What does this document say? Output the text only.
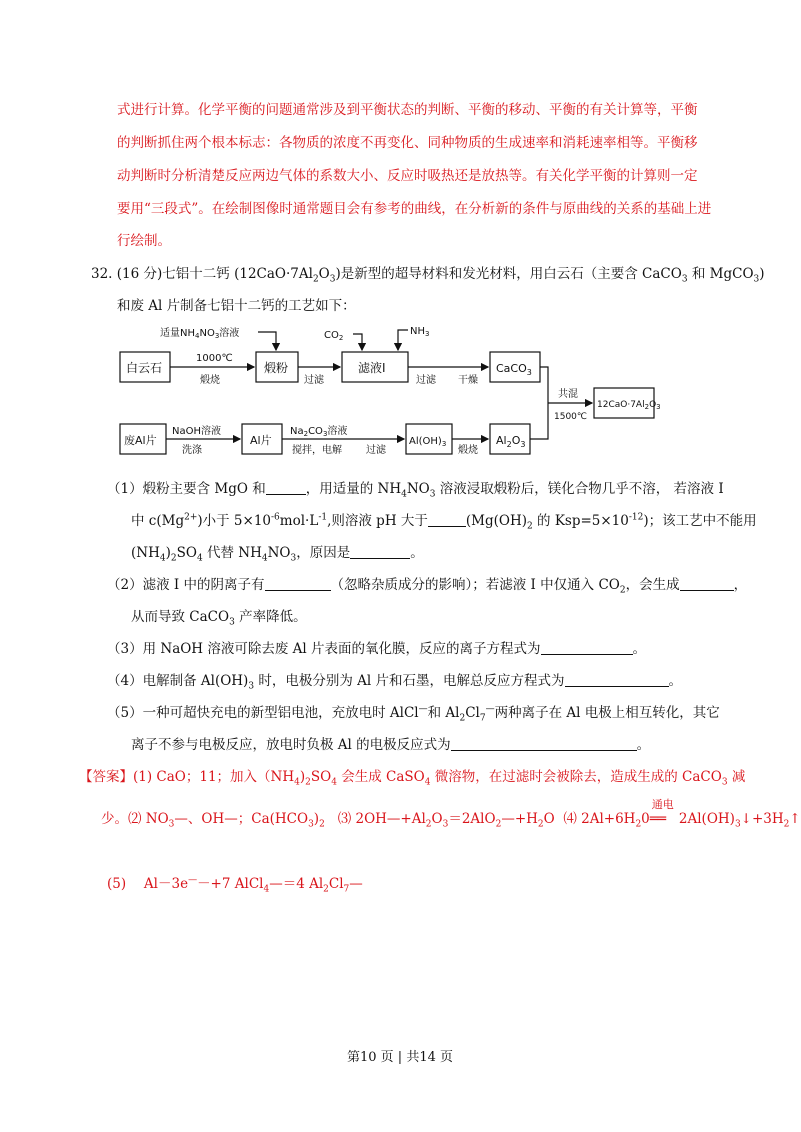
式进行计算。化学平衡的问题通常涉及到平衡状态的判断、平衡的移动、平衡的有关计算等，平衡
的判断抓住两个根本标志：各物质的浓度不再变化、同种物质的生成速率和消耗速率相等。平衡移
动判断时分析清楚反应两边气体的系数大小、反应时吸热还是放热等。有关化学平衡的计算则一定
要用“三段式”。在绘制图像时通常题目会有参考的曲线，在分析新的条件与原曲线的关系的基础上进
行绘制。
32. (16 分)七铝十二钙 $(12CaO\cdot 7Al_2O_3)$是新型的超导材料和发光材料，用白云石（主要含 CaCO$_3$ 和 MgCO$_3$)
和废 Al 片制备七铝十二钙的工艺如下：
白云石	煅粉	滤液I	CaCO$_3$
$12CaO\cdot 7Al_2O_3$
废Al片	Al片	$Al(OH)_3$	$Al_2O_3$
1000℃
煅烧
适量$NH_4NO_3$溶液	$CO_2$
$NH_3$
过滤	过滤 干燥
共混
1500℃
NaOH溶液
洗涤
$Na_2CO_3$溶液
搅拌，电解 过滤	煅烧
（1）煅粉主要含 MgO 和	，用适量的 $NH_4NO_3$ 溶液浸取煅粉后，镁化合物几乎不溶， 若溶液 I
中 $c(Mg^{2+})$小于 $5\times 10^{-6}mol\cdot L^{-1}$,则溶液 pH 大于	($Mg(OH)_2$ 的 $Ksp=5\times 10^{-12}$)；该工艺中不能用
$(NH_4)_2SO_4$ 代替 $NH_4NO_3$，原因是	。
（2）滤液 I 中的阴离子有	（忽略杂质成分的影响）；若滤液 I 中仅通入 $CO_2$，会生成	，
从而导致 CaCO$_3$ 产率降低。
（3）用 NaOH 溶液可除去废 Al 片表面的氧化膜，反应的离子方程式为	。
（4）电解制备 $Al(OH)_3$ 时，电极分别为 Al 片和石墨，电解总反应方程式为	。
（5）一种可超快充电的新型铝电池，充放电时 AlCl—和 $Al_2Cl_7^—$两种离子在 Al 电极上相互转化，其它
离子不参与电极反应，放电时负极 Al 的电极反应式为	。
【答案】(1) CaO；11；加入$(NH_4)_2SO_4$ 会生成 CaSO$_4$ 微溶物，在过滤时会被除去，造成生成的 CaCO$_3$ 减
少。⑵ $NO_3—$、OH—；$Ca(HCO_3)_2$ ⑶ $2OH—+Al_2O_3=2AlO_2—+H_2O$ ⑷ $2Al+6H_20$
通电
══ $2Al(OH)_3↓+3H_2↑$
(5)　 Al－3e—－+7 AlCl$_4$—＝4 $Al_2Cl_7—$
第10 页 | 共14 页
